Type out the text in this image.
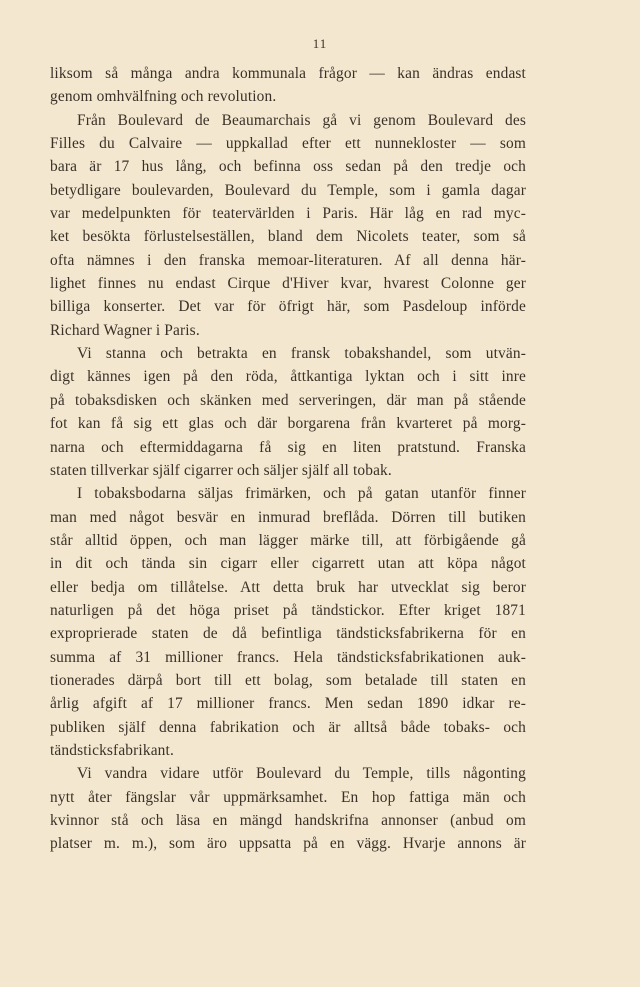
11
liksom så många andra kommunala frågor — kan ändras endast
genom omhvälfning och revolution.
Från Boulevard de Beaumarchais gå vi genom Boulevard des
Filles du Calvaire — uppkallad efter ett nunnekloster — som
bara är 17 hus lång, och befinna oss sedan på den tredje och
betydligare boulevarden, Boulevard du Temple, som i gamla dagar
var medelpunkten för teatervärlden i Paris. Här låg en rad myc-
ket besökta förlustelseställen, bland dem Nicolets teater, som så
ofta nämnes i den franska memoar-literaturen. Af all denna här-
lighet finnes nu endast Cirque d'Hiver kvar, hvarest Colonne ger
billiga konserter. Det var för öfrigt här, som Pasdeloup införde
Richard Wagner i Paris.
Vi stanna och betrakta en fransk tobakshandel, som utvän-
digt kännes igen på den röda, åttkantiga lyktan och i sitt inre
på tobaksdisken och skänken med serveringen, där man på stående
fot kan få sig ett glas och där borgarena från kvarteret på morg-
narna och eftermiddagarna få sig en liten pratstund. Franska
staten tillverkar själf cigarrer och säljer själf all tobak.
I tobaksbodarna säljas frimärken, och på gatan utanför finner
man med något besvär en inmurad breflåda. Dörren till butiken
står alltid öppen, och man lägger märke till, att förbigående gå
in dit och tända sin cigarr eller cigarrett utan att köpa något
eller bedja om tillåtelse. Att detta bruk har utvecklat sig beror
naturligen på det höga priset på tändstickor. Efter kriget 1871
exproprierade staten de då befintliga tändsticksfabrikerna för en
summa af 31 millioner francs. Hela tändsticksfabrikationen auk-
tionerades därpå bort till ett bolag, som betalade till staten en
årlig afgift af 17 millioner francs. Men sedan 1890 idkar re-
publiken själf denna fabrikation och är alltså både tobaks- och
tändsticksfabrikant.
Vi vandra vidare utför Boulevard du Temple, tills någonting
nytt åter fängslar vår uppmärksamhet. En hop fattiga män och
kvinnor stå och läsa en mängd handskrifna annonser (anbud om
platser m. m.), som äro uppsatta på en vägg. Hvarje annons är
